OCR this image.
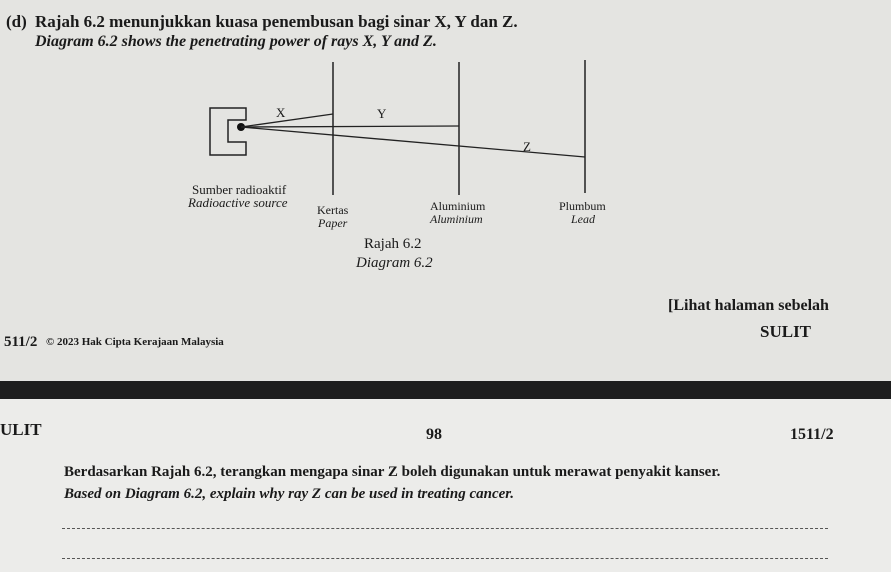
(d) Rajah 6.2 menunjukkan kuasa penembusan bagi sinar X, Y dan Z.
Diagram 6.2 shows the penetrating power of rays X, Y and Z.
X	Y
Z
Sumber radioaktif
Radioactive source Kertas
Paper
Aluminium
Aluminium
Plumbum
Lead
Rajah 6.2
Diagram 6.2
[Lihat halaman sebelah
511/2 © 2023 Hak Cipta Kerajaan Malaysia
SULIT
ULIT	98	1511/2
Berdasarkan Rajah 6.2, terangkan mengapa sinar Z boleh digunakan untuk merawat penyakit kanser.
Based on Diagram 6.2, explain why ray Z can be used in treating cancer.
